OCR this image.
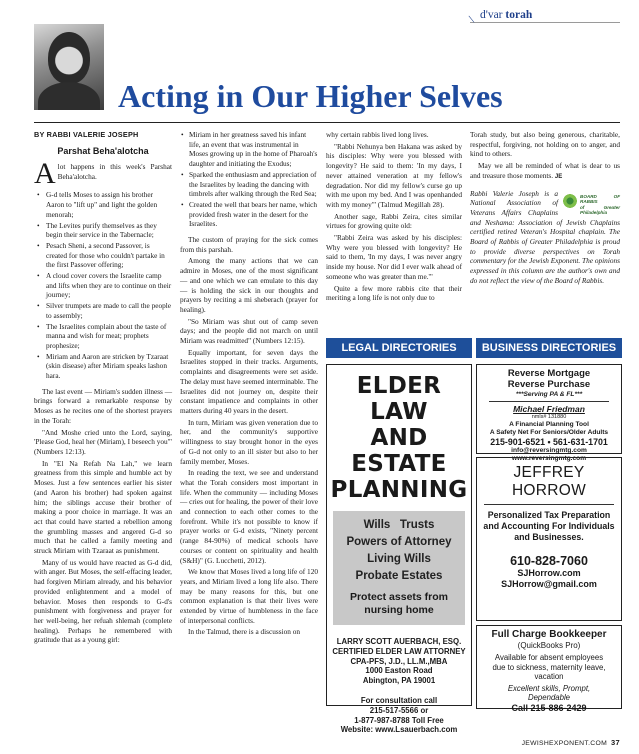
\ d'var torah
Acting in Our Higher Selves
BY RABBI VALERIE JOSEPH
Parshat Beha'alotcha
Alot happens in this week's Parshat Beha'alotcha.
• G-d tells Moses to assign his brother Aaron to "lift up" and light the golden menorah;
• The Levites purify themselves as they begin their service in the Tabernacle;
• Pesach Sheni, a second Passover, is created for those who couldn't partake in the first Passover offering;
• A cloud cover covers the Israelite camp and lifts when they are to continue on their journey;
• Silver trumpets are made to call the people to assembly;
• The Israelites complain about the taste of manna and wish for meat; prophets prophesize;
• Miriam and Aaron are stricken by Tzaraat (skin disease) after Miriam speaks lashon hara.

The last event — Miriam's sudden illness — brings forward a remarkable response by Moses as he recites one of the shortest prayers in the Torah:

"And Moshe cried unto the Lord, saying, 'Please God, heal her (Miriam), I beseech you'" (Numbers 12:13).

In "El Na Refah Na Lah," we learn greatness from this simple and humble act by Moses. Just a few sentences earlier his sister (and Aaron his brother) had spoken against him; the siblings accuse their brother of making a poor choice in marriage. It was an act that could have started a rebellion among the grumbling masses and angered G-d so much that he called a family meeting and struck Miriam with Tzaraat as punishment.

Many of us would have reacted as G-d did, with anger. But Moses, the self-effacing leader, had forgiven Miriam already, and his behavior provided enlightenment and a model of behavior. Moses then responds to G-d's punishment with forgiveness and prayer for her well-being, her refuah shlemah (complete healing). Perhaps he remembered with gratitude that as a young girl:

• Miriam in her greatness saved his infant life, an event that was instrumental in Moses growing up in the home of Pharoah's daughter and initiating the Exodus;
• Sparked the enthusiasm and appreciation of the Israelites by leading the dancing with timbrels after walking through the Red Sea;
• Created the well that bears her name, which provided fresh water in the desert for the Israelites.

The custom of praying for the sick comes from this parshah.

Among the many actions that we can admire in Moses, one of the most significant — and one which we can emulate to this day — is holding the sick in our thoughts and prayers by reciting a mi sheberach (prayer for healing).

"So Miriam was shut out of camp seven days; and the people did not march on until Miriam was readmitted" (Numbers 12:15).

Equally important, for seven days the Israelites stopped in their tracks. Arguments, complaints and disagreements were set aside. The delay must have seemed interminable. The Israelites did not journey on, despite their constant impatience and complaints in other matters during 40 years in the desert.

In turn, Miriam was given veneration due to her, and the community's supportive willingness to stay brought honor in the eyes of G-d not only to an ill sister but also to her family member, Moses.

In reading the text, we see and understand what the Torah considers most important in life. When the community — including Moses — cries out for healing, the power of their love and connection to each other comes to the forefront. While it's not possible to know if prayer works or G-d exists, "Ninety percent (range 84-90%) of medical schools have courses or content on spirituality and health (S&H)" (G. Lucchetti, 2012).

We know that Moses lived a long life of 120 years, and Miriam lived a long life also. There may be many reasons for this, but one common explanation is that their lives were extended by virtue of humbleness in the face of interpersonal conflicts.

In the Talmud, there is a discussion on

why certain rabbis lived long lives.

"Rabbi Nehunya ben Hakana was asked by his disciples: Why were you blessed with longevity? He said to them: 'In my days, I never attained veneration at my fellow's degradation. Nor did my fellow's curse go up with me upon my bed. And I was openhanded with my money'" (Talmud Megillah 28).

Another sage, Rabbi Zeira, cites similar virtues for growing quite old:

"Rabbi Zeira was asked by his disciples: Why were you blessed with longevity? He said to them, 'In my days, I was never angry inside my house. Nor did I ever walk ahead of someone who was greater than me.'"

Quite a few more rabbis cite that their meriting a long life is not only due to

Torah study, but also being generous, charitable, respectful, forgiving, not holding on to anger, and kind to others.

May we all be reminded of what is dear to us and treasure those moments. JE

BOARD OF RABBIS
of Greater Philadelphia
Rabbi Valerie Joseph is a National Association of Veterans Affairs Chaplains and Neshama: Association of Jewish Chaplains certified retired Veteran's Hospital chaplain. The Board of Rabbis of Greater Philadelphia is proud to provide diverse perspectives on Torah commentary for the Jewish Exponent. The opinions expressed in this column are the author's own and do not reflect the view of the Board of Rabbis.

LEGAL DIRECTORIES	BUSINESS DIRECTORIES
ELDER LAW
AND
ESTATE
PLANNING
Wills   Trusts
Powers of Attorney
Living Wills
Probate Estates
Protect assets from nursing home
LARRY SCOTT AUERBACH, ESQ.
CERTIFIED ELDER LAW ATTORNEY
CPA-PFS, J.D., LL.M.,MBA
1000 Easton Road
Abington, PA 19001
For consultation call
215-517-5566 or
1-877-987-8788 Toll Free
Website: www.Lsauerbach.com
Reverse Mortgage
Reverse Purchase
***Serving PA & FL***
Michael Friedman
nmls# 131880
A Financial Planning Tool
A Safety Net For Seniors/Older Adults
215-901-6521 • 561-631-1701
info@reversingmtg.com
www.reversingmtg.com
JEFFREY HORROW
Personalized Tax Preparation
and Accounting For Individuals
and Businesses.
610-828-7060
SJHorrow.com
SJHorrow@gmail.com
Full Charge Bookkeeper
(QuickBooks Pro)
Available for absent employees
due to sickness, maternity leave,
vacation
Excellent skills, Prompt,
Dependable
Call 215-886-2429
JEWISHEXPONENT.COM 37
